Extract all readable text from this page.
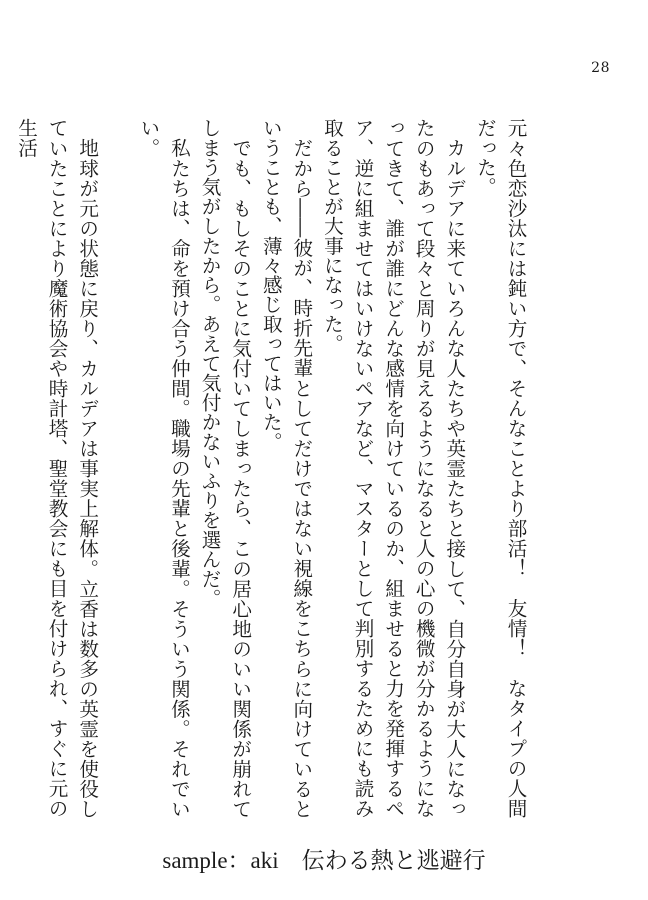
28

元々色恋沙汰には鈍い方で、そんなことより部活！　友情！　なタイプの人間だった。

カルデアに来ていろんな人たちや英霊たちと接して、自分自身が大人になったのもあって段々と周りが見えるようになると人の心の機微が分かるようになってきて、誰が誰にどんな感情を向けているのか、組ませると力を発揮するペア、逆に組ませてはいけないペアなど、マスターとして判別するためにも読み取ることが大事になった。

だから――彼が、時折先輩としてだけではない視線をこちらに向けているということも、薄々感じ取ってはいた。

でも、もしそのことに気付いてしまったら、この居心地のいい関係が崩れてしまう気がしたから。あえて気付かないふりを選んだ。

私たちは、命を預け合う仲間。職場の先輩と後輩。そういう関係。それでいい。

地球が元の状態に戻り、カルデアは事実上解体。立香は数多の英霊を使役していたことにより魔術協会や時計塔、聖堂教会にも目を付けられ、すぐに元の生活

sample：aki　伝わる熱と逃避行
